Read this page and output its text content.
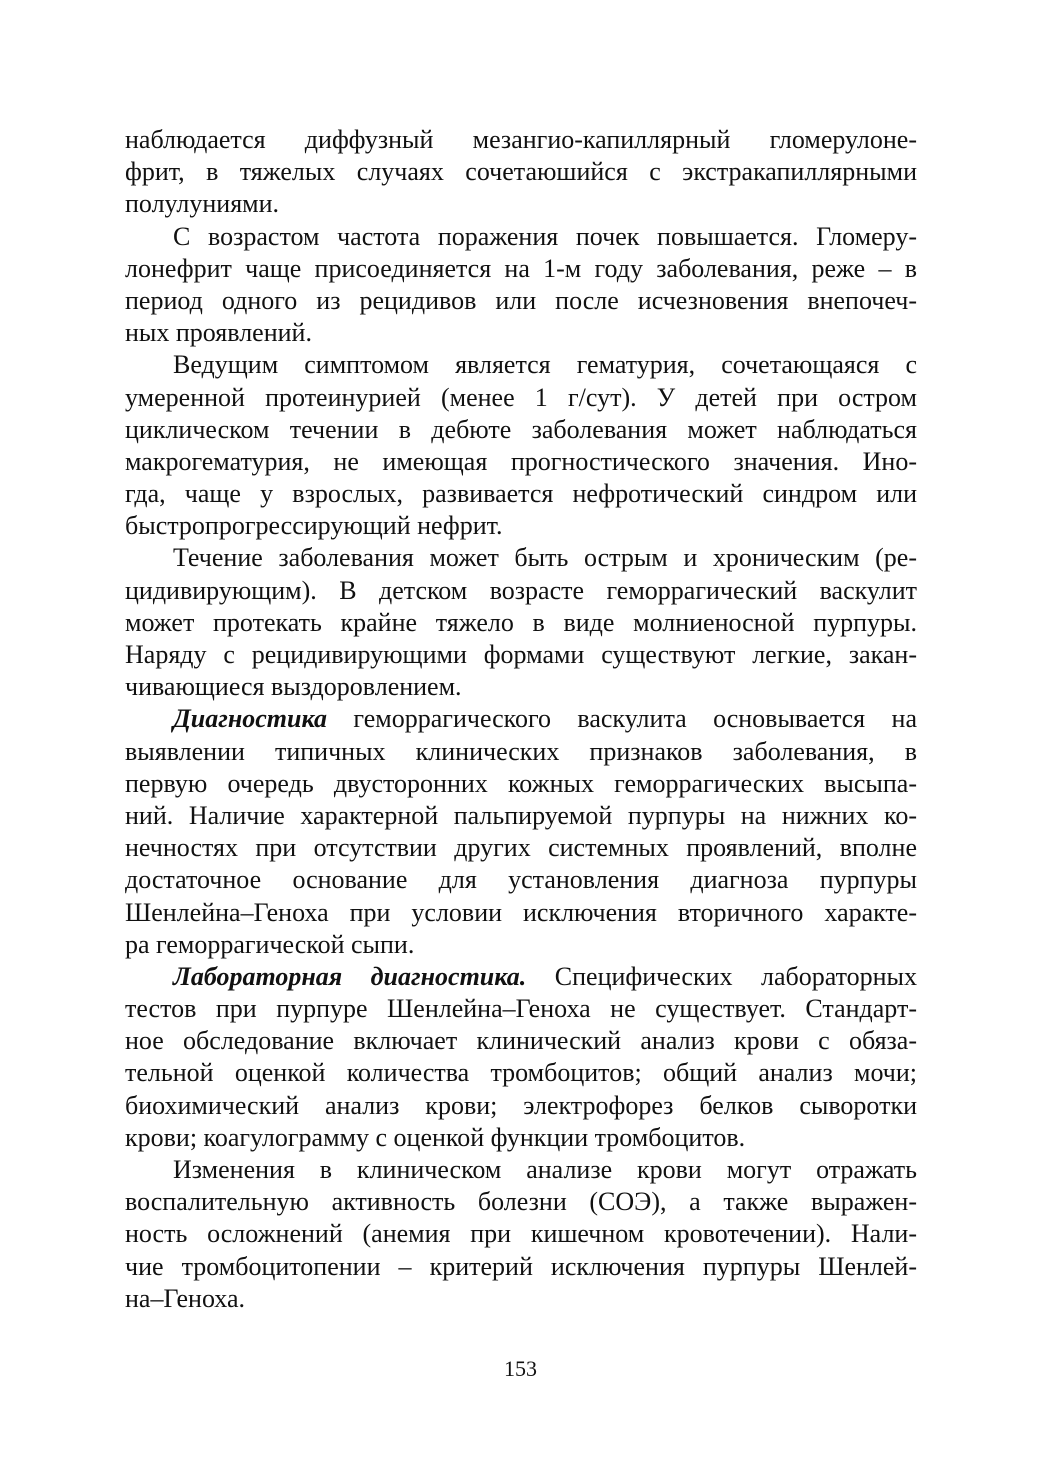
наблюдается диффузный мезангио-капиллярный гломерулоне-
фрит, в тяжелых случаях сочетаюшийся с экстракапиллярными
полулуниями.
С возрастом частота поражения почек повышается. Гломеру-
лонефрит чаще присоединяется на 1-м году заболевания, реже – в
период одного из рецидивов или после исчезновения внепочеч-
ных проявлений.
Ведущим симптомом является гематурия, сочетающаяся с
умеренной протеинурией (менее 1 г/сут). У детей при остром
циклическом течении в дебюте заболевания может наблюдаться
макрогематурия, не имеющая прогностического значения. Ино-
гда, чаще у взрослых, развивается нефротический синдром или
быстропрогрессирующий нефрит.
Течение заболевания может быть острым и хроническим (ре-
цидивирующим). В детском возрасте геморрагический васкулит
может протекать крайне тяжело в виде молниеносной пурпуры.
Наряду с рецидивирующими формами существуют легкие, закан-
чивающиеся выздоровлением.
Диагностика геморрагического васкулита основывается на
выявлении типичных клинических признаков заболевания, в
первую очередь двусторонних кожных геморрагических высыпа-
ний. Наличие характерной пальпируемой пурпуры на нижних ко-
нечностях при отсутствии других системных проявлений, вполне
достаточное основание для установления диагноза пурпуры
Шенлейна–Геноха при условии исключения вторичного характе-
ра геморрагической сыпи.
Лабораторная диагностика. Специфических лабораторных
тестов при пурпуре Шенлейна–Геноха не существует. Стандарт-
ное обследование включает клинический анализ крови с обяза-
тельной оценкой количества тромбоцитов; общий анализ мочи;
биохимический анализ крови; электрофорез белков сыворотки
крови; коагулограмму с оценкой функции тромбоцитов.
Изменения в клиническом анализе крови могут отражать
воспалительную активность болезни (СОЭ), а также выражен-
ность осложнений (анемия при кишечном кровотечении). Нали-
чие тромбоцитопении – критерий исключения пурпуры Шенлей-
на–Геноха.
153
